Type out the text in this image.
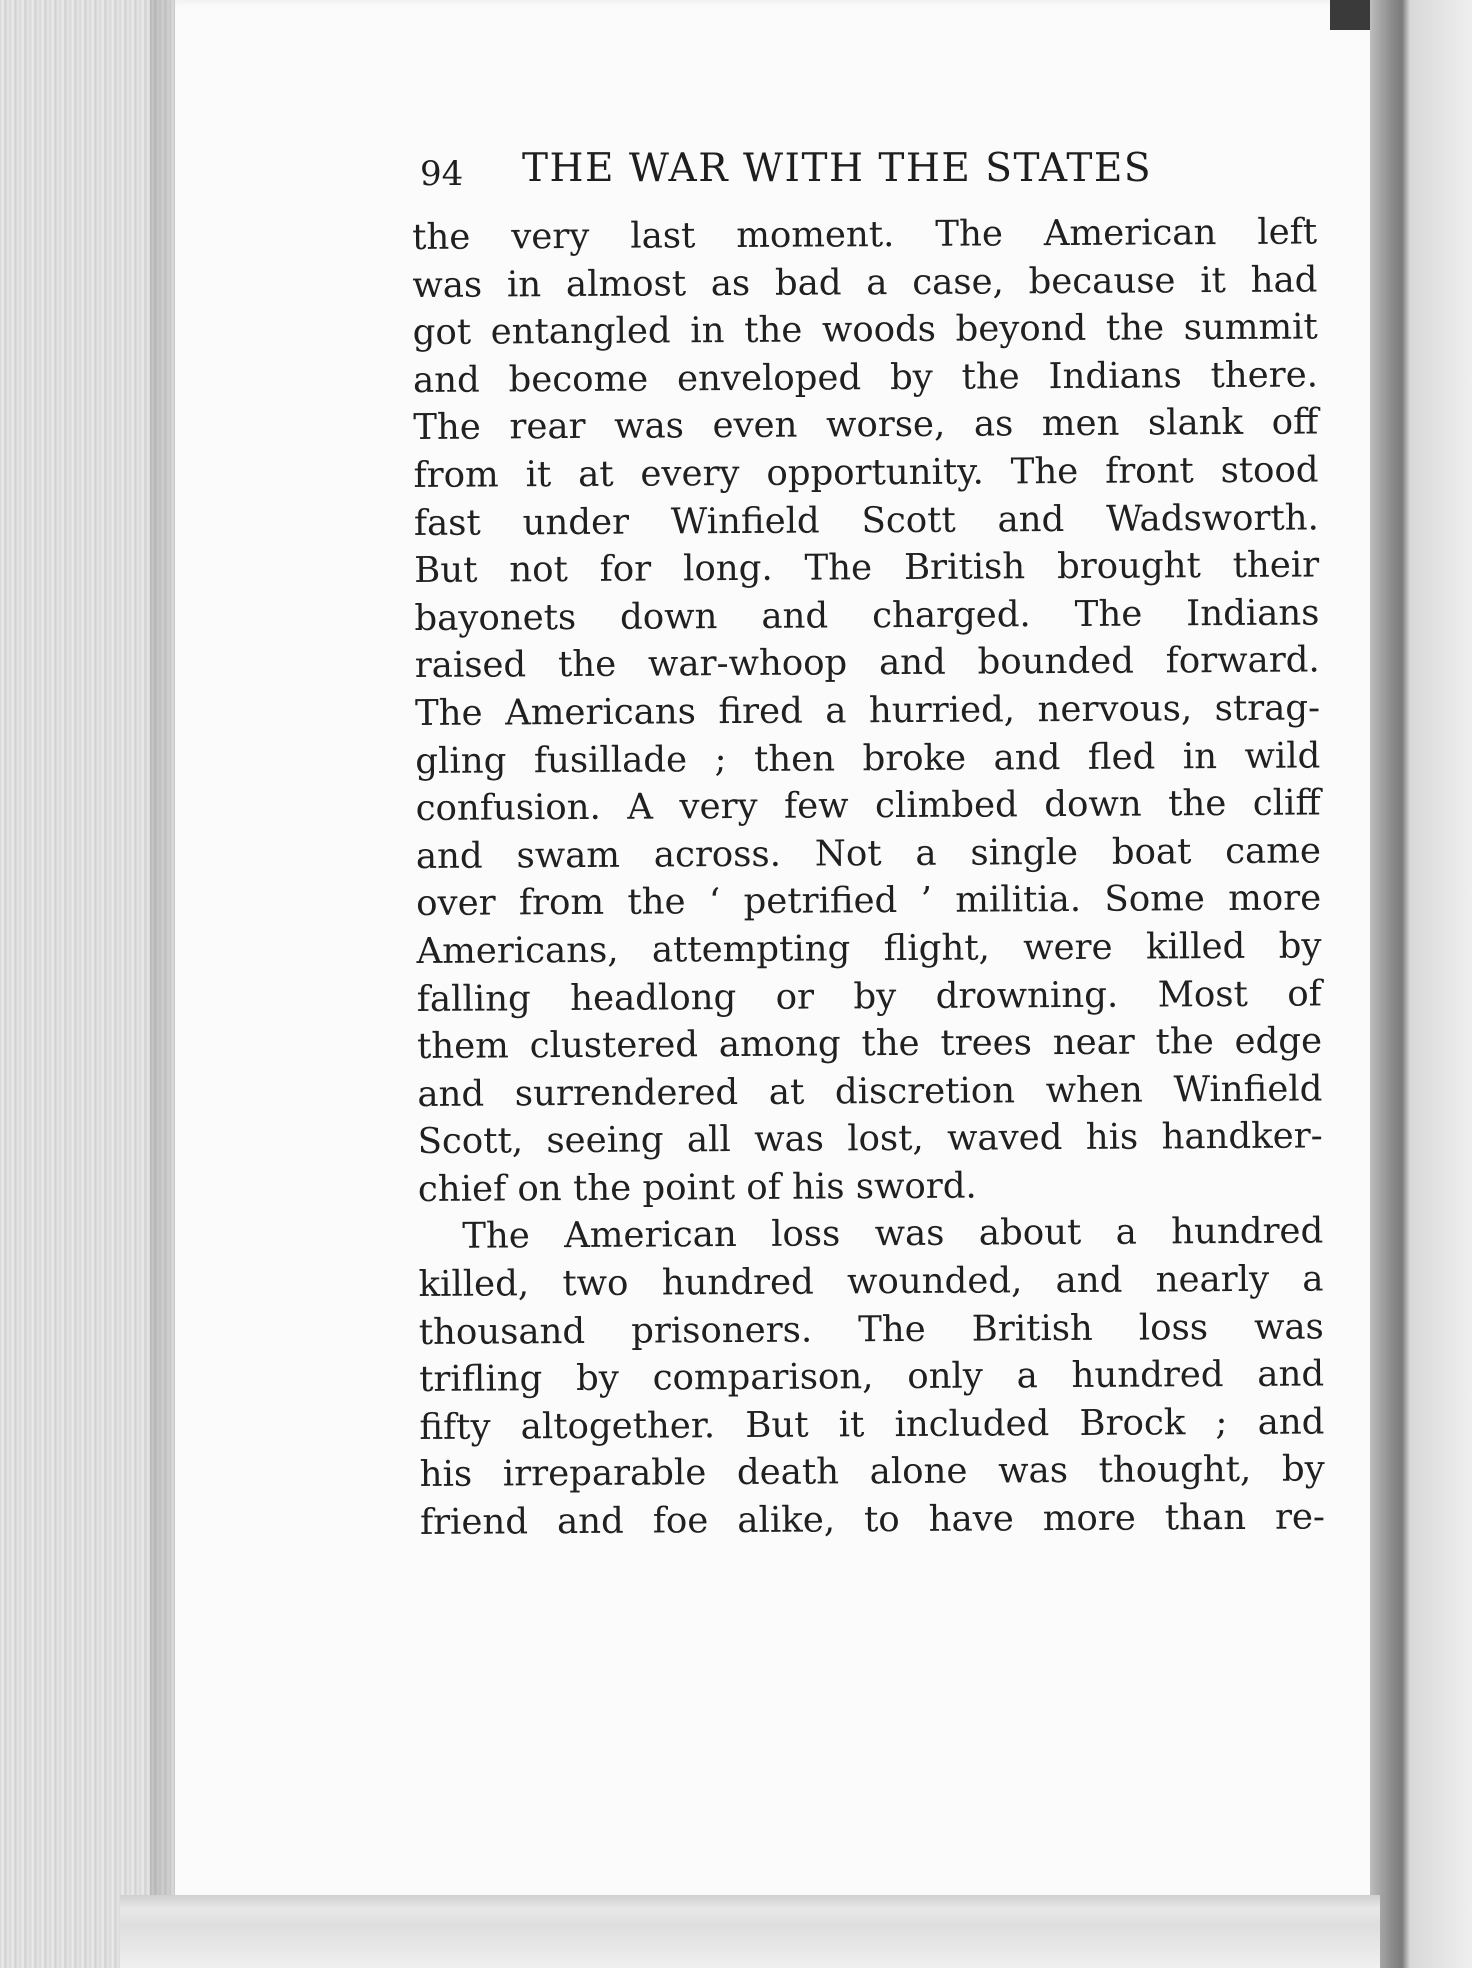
94 THE WAR WITH THE STATES
the very last moment. The American left
was in almost as bad a case, because it had
got entangled in the woods beyond the summit
and become enveloped by the Indians there.
The rear was even worse, as men slank off
from it at every opportunity. The front stood
fast under Winfield Scott and Wadsworth.
But not for long. The British brought their
bayonets down and charged. The Indians
raised the war-whoop and bounded forward.
The Americans fired a hurried, nervous, strag-
gling fusillade ; then broke and fled in wild
confusion. A very few climbed down the cliff
and swam across. Not a single boat came
over from the ‘ petrified ’ militia. Some more
Americans, attempting flight, were killed by
falling headlong or by drowning. Most of
them clustered among the trees near the edge
and surrendered at discretion when Winfield
Scott, seeing all was lost, waved his handker-
chief on the point of his sword.
The American loss was about a hundred
killed, two hundred wounded, and nearly a
thousand prisoners. The British loss was
trifling by comparison, only a hundred and
fifty altogether. But it included Brock ; and
his irreparable death alone was thought, by
friend and foe alike, to have more than re-
